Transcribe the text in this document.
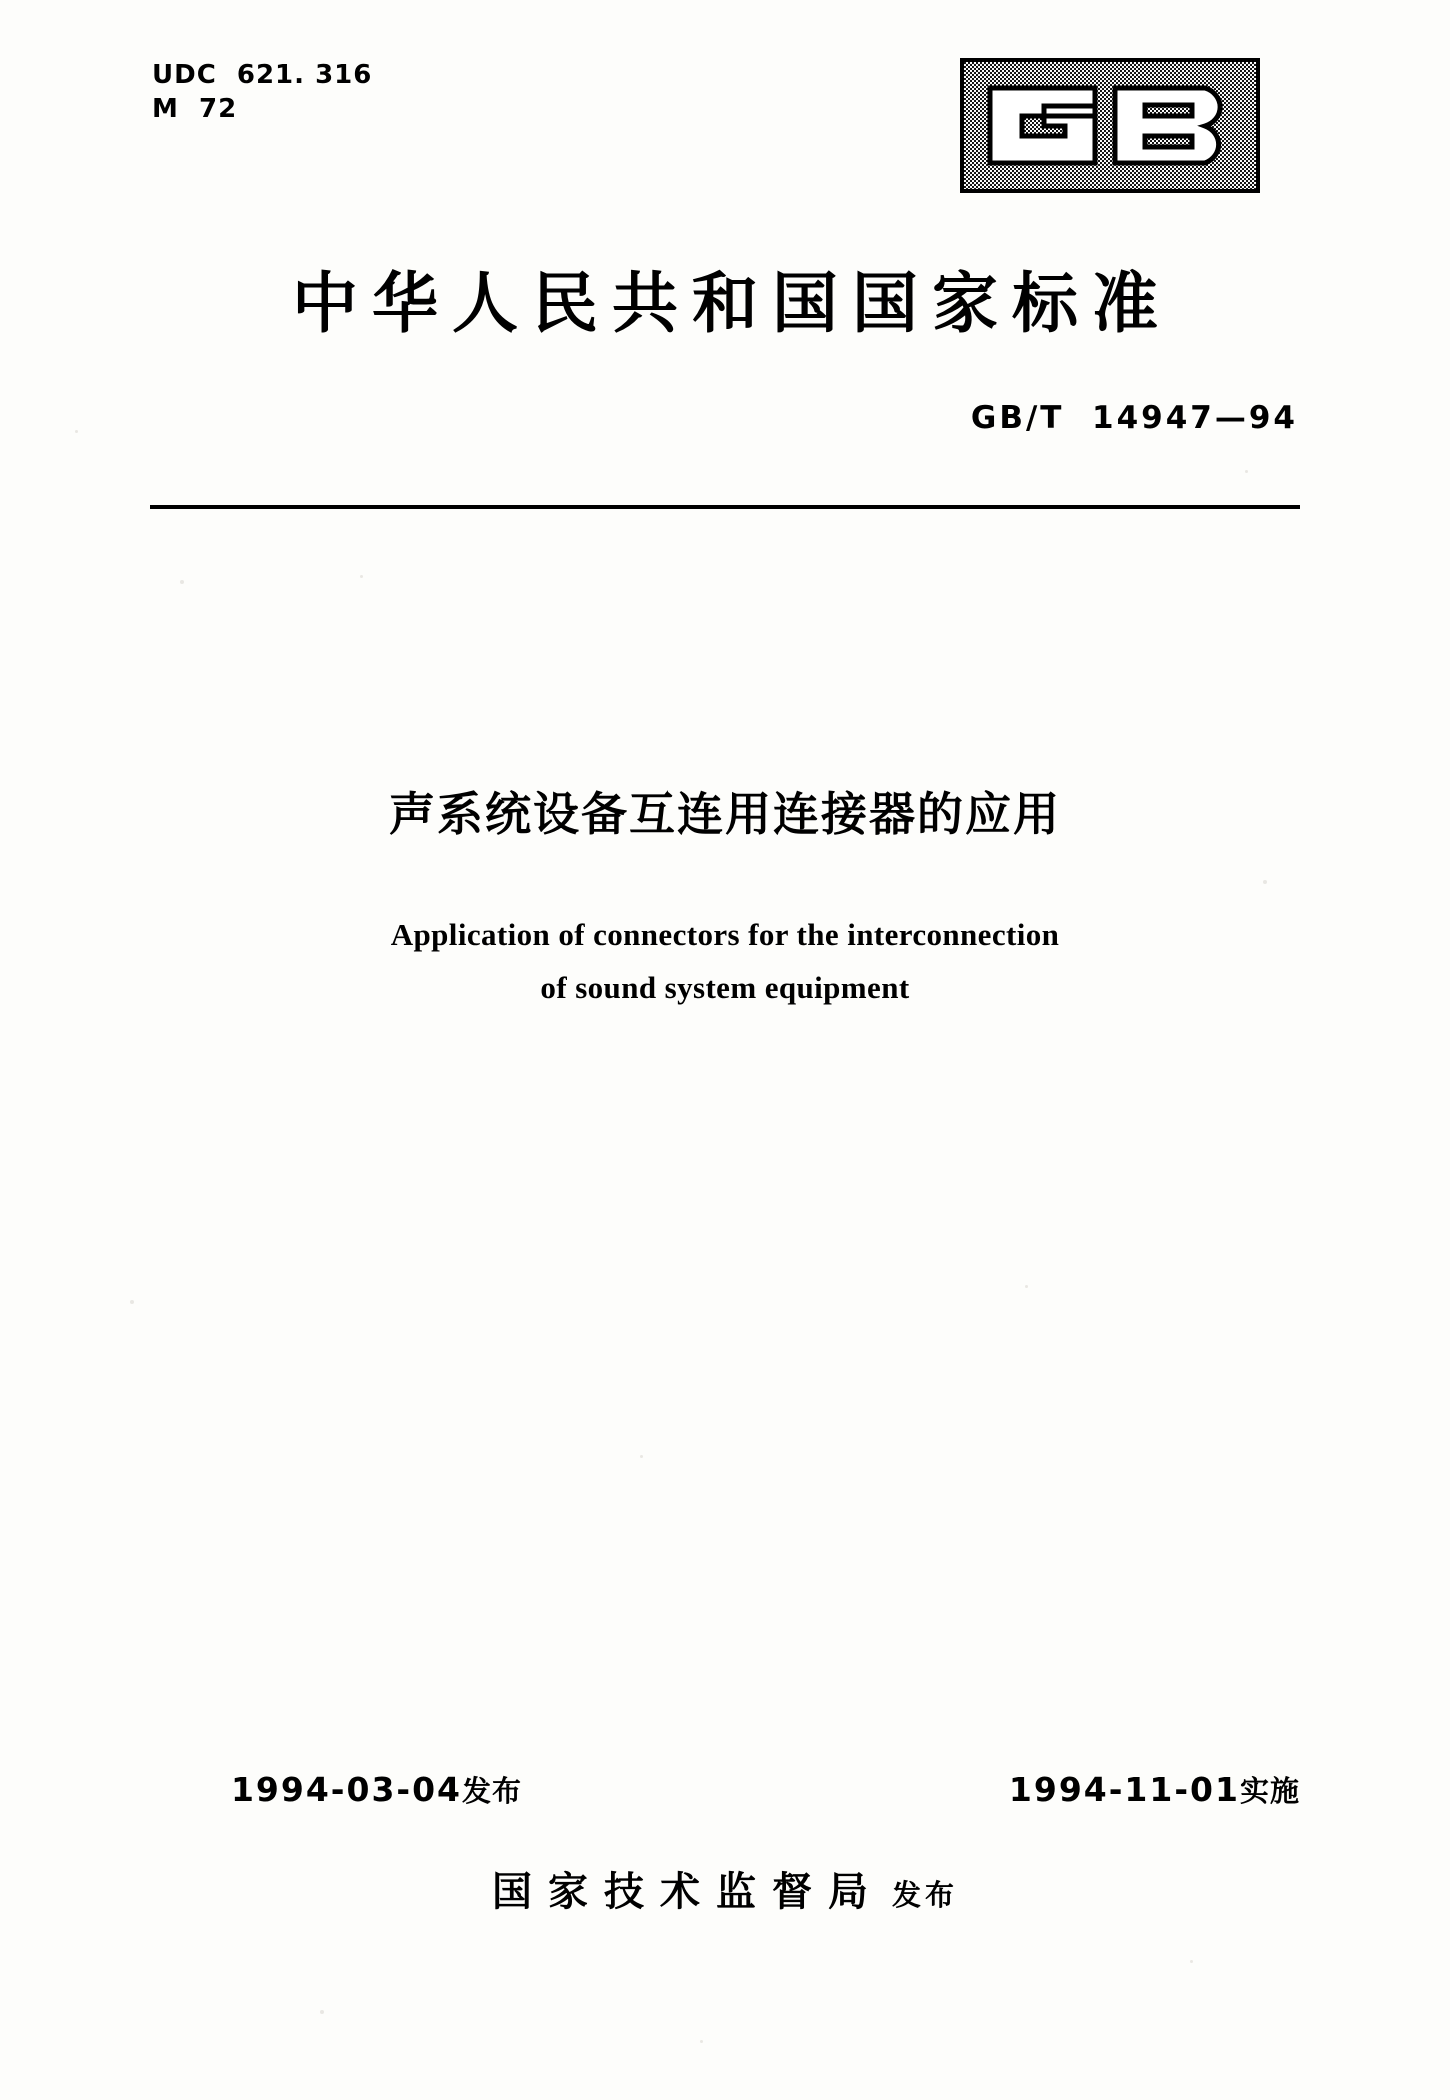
UDC  621. 316
M  72
中华人民共和国国家标准
GB/T  14947—94
声系统设备互连用连接器的应用
Application of connectors for the interconnection
of sound system equipment

1994-03-04发布
	1994-11-01实施

国家技术监督局 发布
